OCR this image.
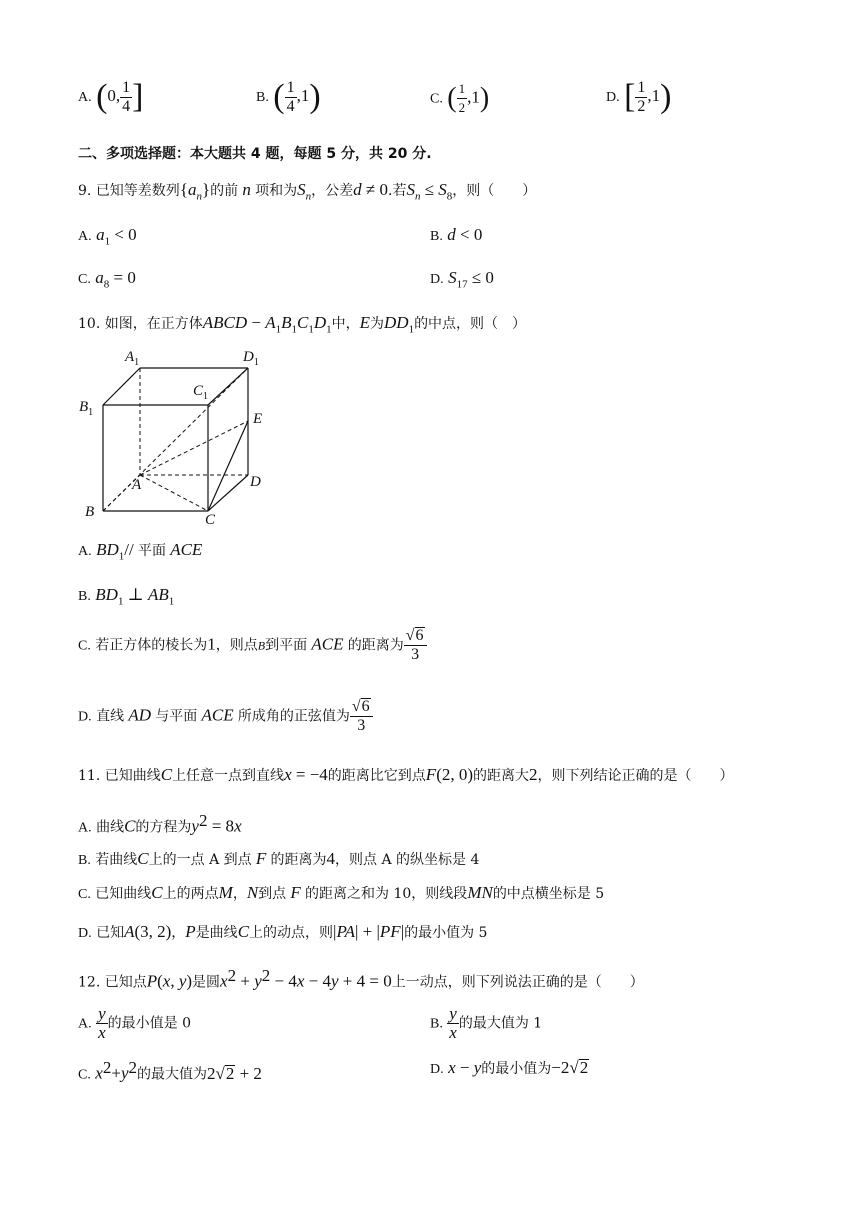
A. (0, $\frac{1}{4}$ ]	B. ( $\frac{1}{4} ,1$)	C. ( $\frac{1}{2} ,1$)	D. [ $\frac{1}{2} ,1$)
二、多项选择题：本大题共 4 题，每题 5 分，共 20 分.
9. 已知等差数列$\{a_n\}$的前 n 项和为$S_n$，公差d ≠ 0.若$S_n \le S_8$，则（　　）
A. $a_1 < 0$	B. d < 0
C. $a_8 = 0$	D. $S_{17} \le 0$
10. 如图，在正方体ABCD − $A_1B_1C_1D_1$中，E为$DD_1$的中点，则（　）
$A_1$	$D_1$
$B_1$
$C_1$
E
A	D
B	C
A. $BD_1//$ 平面 ACE
B. $BD_1$ ⊥ $AB_1$
C. 若正方体的棱长为1，则点B到平面 ACE 的距离为 $\frac{√6}{3}$
D. 直线 AD 与平面 ACE 所成角的正弦值为 $\frac{√6}{3}$
11. 已知曲线C上任意一点到直线x = −4的距离比它到点F(2, 0)的距离大2，则下列结论正确的是（　　）
A. 曲线C的方程为$y^2 = 8x$
B. 若曲线C上的一点 A 到点 F 的距离为4，则点 A 的纵坐标是 4
C. 已知曲线C上的两点M，N到点 F 的距离之和为 10，则线段MN的中点横坐标是 5
D. 已知A(3, 2)，P是曲线C上的动点，则|PA| + |PF|的最小值为 5
12. 已知点P(x, y)是圆$x^2 + y^2 - 4x - 4y + 4 = 0$上一动点，则下列说法正确的是（　　）
A. $\frac{y}{x}$ 的最小值是 0	B. $\frac{y}{x}$ 的最大值为 1
C. $x^2+y^2$的最大值为2√2 + 2	D. x − y的最小值为−2√2
